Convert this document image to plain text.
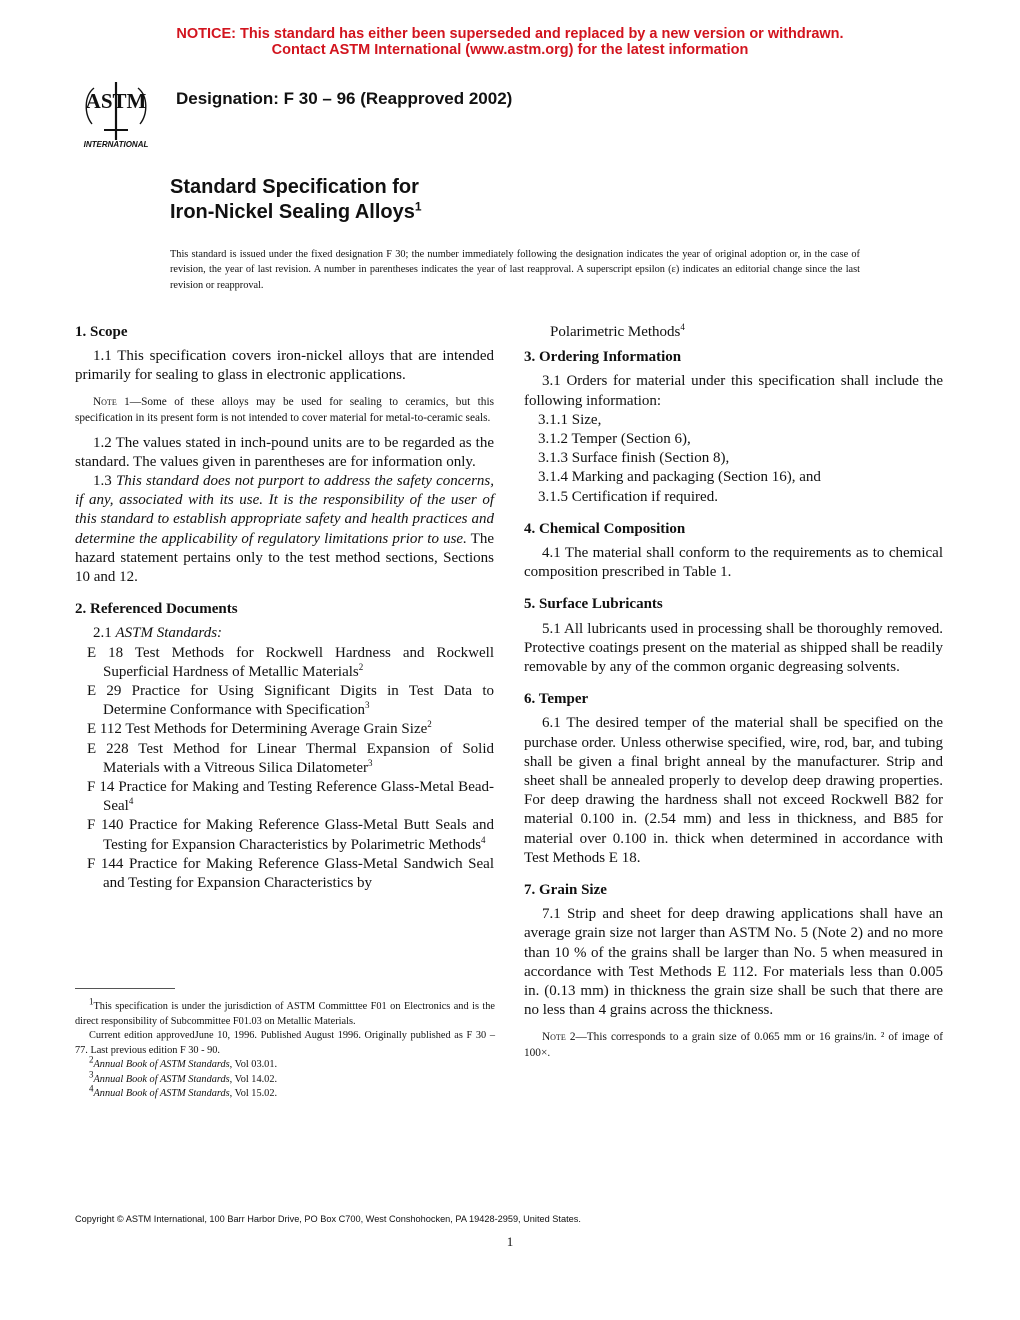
NOTICE: This standard has either been superseded and replaced by a new version or withdrawn.
Contact ASTM International (www.astm.org) for the latest information
ASTM
INTERNATIONAL
Designation: F 30 – 96 (Reapproved 2002)
Standard Specification for
Iron-Nickel Sealing Alloys$^1$
This standard is issued under the fixed designation F 30; the number immediately following the designation indicates the year of original adoption or, in the case of revision, the year of last revision. A number in parentheses indicates the year of last reapproval. A superscript epsilon (ε) indicates an editorial change since the last revision or reapproval.

1. Scope

1.1 This specification covers iron-nickel alloys that are intended primarily for sealing to glass in electronic applications.

Note 1—Some of these alloys may be used for sealing to ceramics, but this specification in its present form is not intended to cover material for metal-to-ceramic seals.

1.2 The values stated in inch-pound units are to be regarded as the standard. The values given in parentheses are for information only.

1.3 This standard does not purport to address the safety concerns, if any, associated with its use. It is the responsibility of the user of this standard to establish appropriate safety and health practices and determine the applicability of regulatory limitations prior to use. The hazard statement pertains only to the test method sections, Sections 10 and 12.

2. Referenced Documents

2.1 ASTM Standards:

E 18 Test Methods for Rockwell Hardness and Rockwell Superficial Hardness of Metallic Materials$^2$

E 29 Practice for Using Significant Digits in Test Data to Determine Conformance with Specification$^3$

E 112 Test Methods for Determining Average Grain Size$^2$

E 228 Test Method for Linear Thermal Expansion of Solid Materials with a Vitreous Silica Dilatometer$^3$

F 14 Practice for Making and Testing Reference Glass-Metal Bead-Seal$^4$

F 140 Practice for Making Reference Glass-Metal Butt Seals and Testing for Expansion Characteristics by Polarimetric Methods$^4$

F 144 Practice for Making Reference Glass-Metal Sandwich Seal and Testing for Expansion Characteristics by

$^1$This specification is under the jurisdiction of ASTM Committtee F01 on Electronics and is the direct responsibility of Subcommittee F01.03 on Metallic Materials.

Current edition approvedJune 10, 1996. Published August 1996. Originally published as F 30 – 77. Last previous edition F 30 - 90.

$^2$Annual Book of ASTM Standards, Vol 03.01.

$^3$Annual Book of ASTM Standards, Vol 14.02.

$^4$Annual Book of ASTM Standards, Vol 15.02.

Polarimetric Methods$^4$

3. Ordering Information

3.1 Orders for material under this specification shall include the following information:

3.1.1 Size,

3.1.2 Temper (Section 6),

3.1.3 Surface finish (Section 8),

3.1.4 Marking and packaging (Section 16), and

3.1.5 Certification if required.

4. Chemical Composition

4.1 The material shall conform to the requirements as to chemical composition prescribed in Table 1.

5. Surface Lubricants

5.1 All lubricants used in processing shall be thoroughly removed. Protective coatings present on the material as shipped shall be readily removable by any of the common organic degreasing solvents.

6. Temper

6.1 The desired temper of the material shall be specified on the purchase order. Unless otherwise specified, wire, rod, bar, and tubing shall be given a final bright anneal by the manufacturer. Strip and sheet shall be annealed properly to develop deep drawing properties. For deep drawing the hardness shall not exceed Rockwell B82 for material 0.100 in. (2.54 mm) and less in thickness, and B85 for material over 0.100 in. thick when determined in accordance with Test Methods E 18.

7. Grain Size

7.1 Strip and sheet for deep drawing applications shall have an average grain size not larger than ASTM No. 5 (Note 2) and no more than 10 % of the grains shall be larger than No. 5 when measured in accordance with Test Methods E 112. For materials less than 0.005 in. (0.13 mm) in thickness the grain size shall be such that there are no less than 4 grains across the thickness.

Note 2—This corresponds to a grain size of 0.065 mm or 16 grains/in. ² of image of 100×.

Copyright © ASTM International, 100 Barr Harbor Drive, PO Box C700, West Conshohocken, PA 19428-2959, United States.
1
